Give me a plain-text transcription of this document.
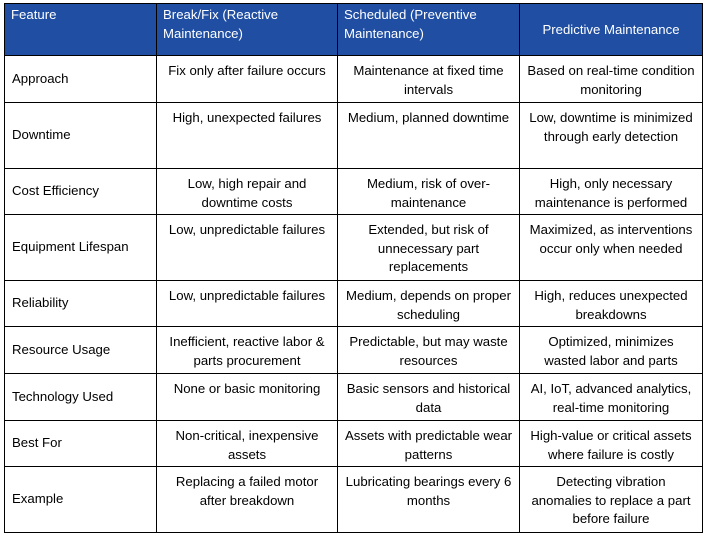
Feature	Break/Fix (Reactive Maintenance)	Scheduled (Preventive Maintenance)	Predictive Maintenance
Approach	Fix only after failure occurs	Maintenance at fixed time intervals	Based on real-time condition monitoring
Downtime	High, unexpected failures	Medium, planned downtime	Low, downtime is minimized through early detection
Cost Efficiency	Low, high repair and downtime costs	Medium, risk of over-maintenance	High, only necessary maintenance is performed
Equipment Lifespan	Low, unpredictable failures	Extended, but risk of unnecessary part replacements	Maximized, as interventions occur only when needed
Reliability	Low, unpredictable failures	Medium, depends on proper scheduling	High, reduces unexpected breakdowns
Resource Usage	Inefficient, reactive labor & parts procurement	Predictable, but may waste resources	Optimized, minimizes wasted labor and parts
Technology Used	None or basic monitoring	Basic sensors and historical data	AI, IoT, advanced analytics, real-time monitoring
Best For	Non-critical, inexpensive assets	Assets with predictable wear patterns	High-value or critical assets where failure is costly
Example	Replacing a failed motor after breakdown	Lubricating bearings every 6 months	Detecting vibration anomalies to replace a part before failure
